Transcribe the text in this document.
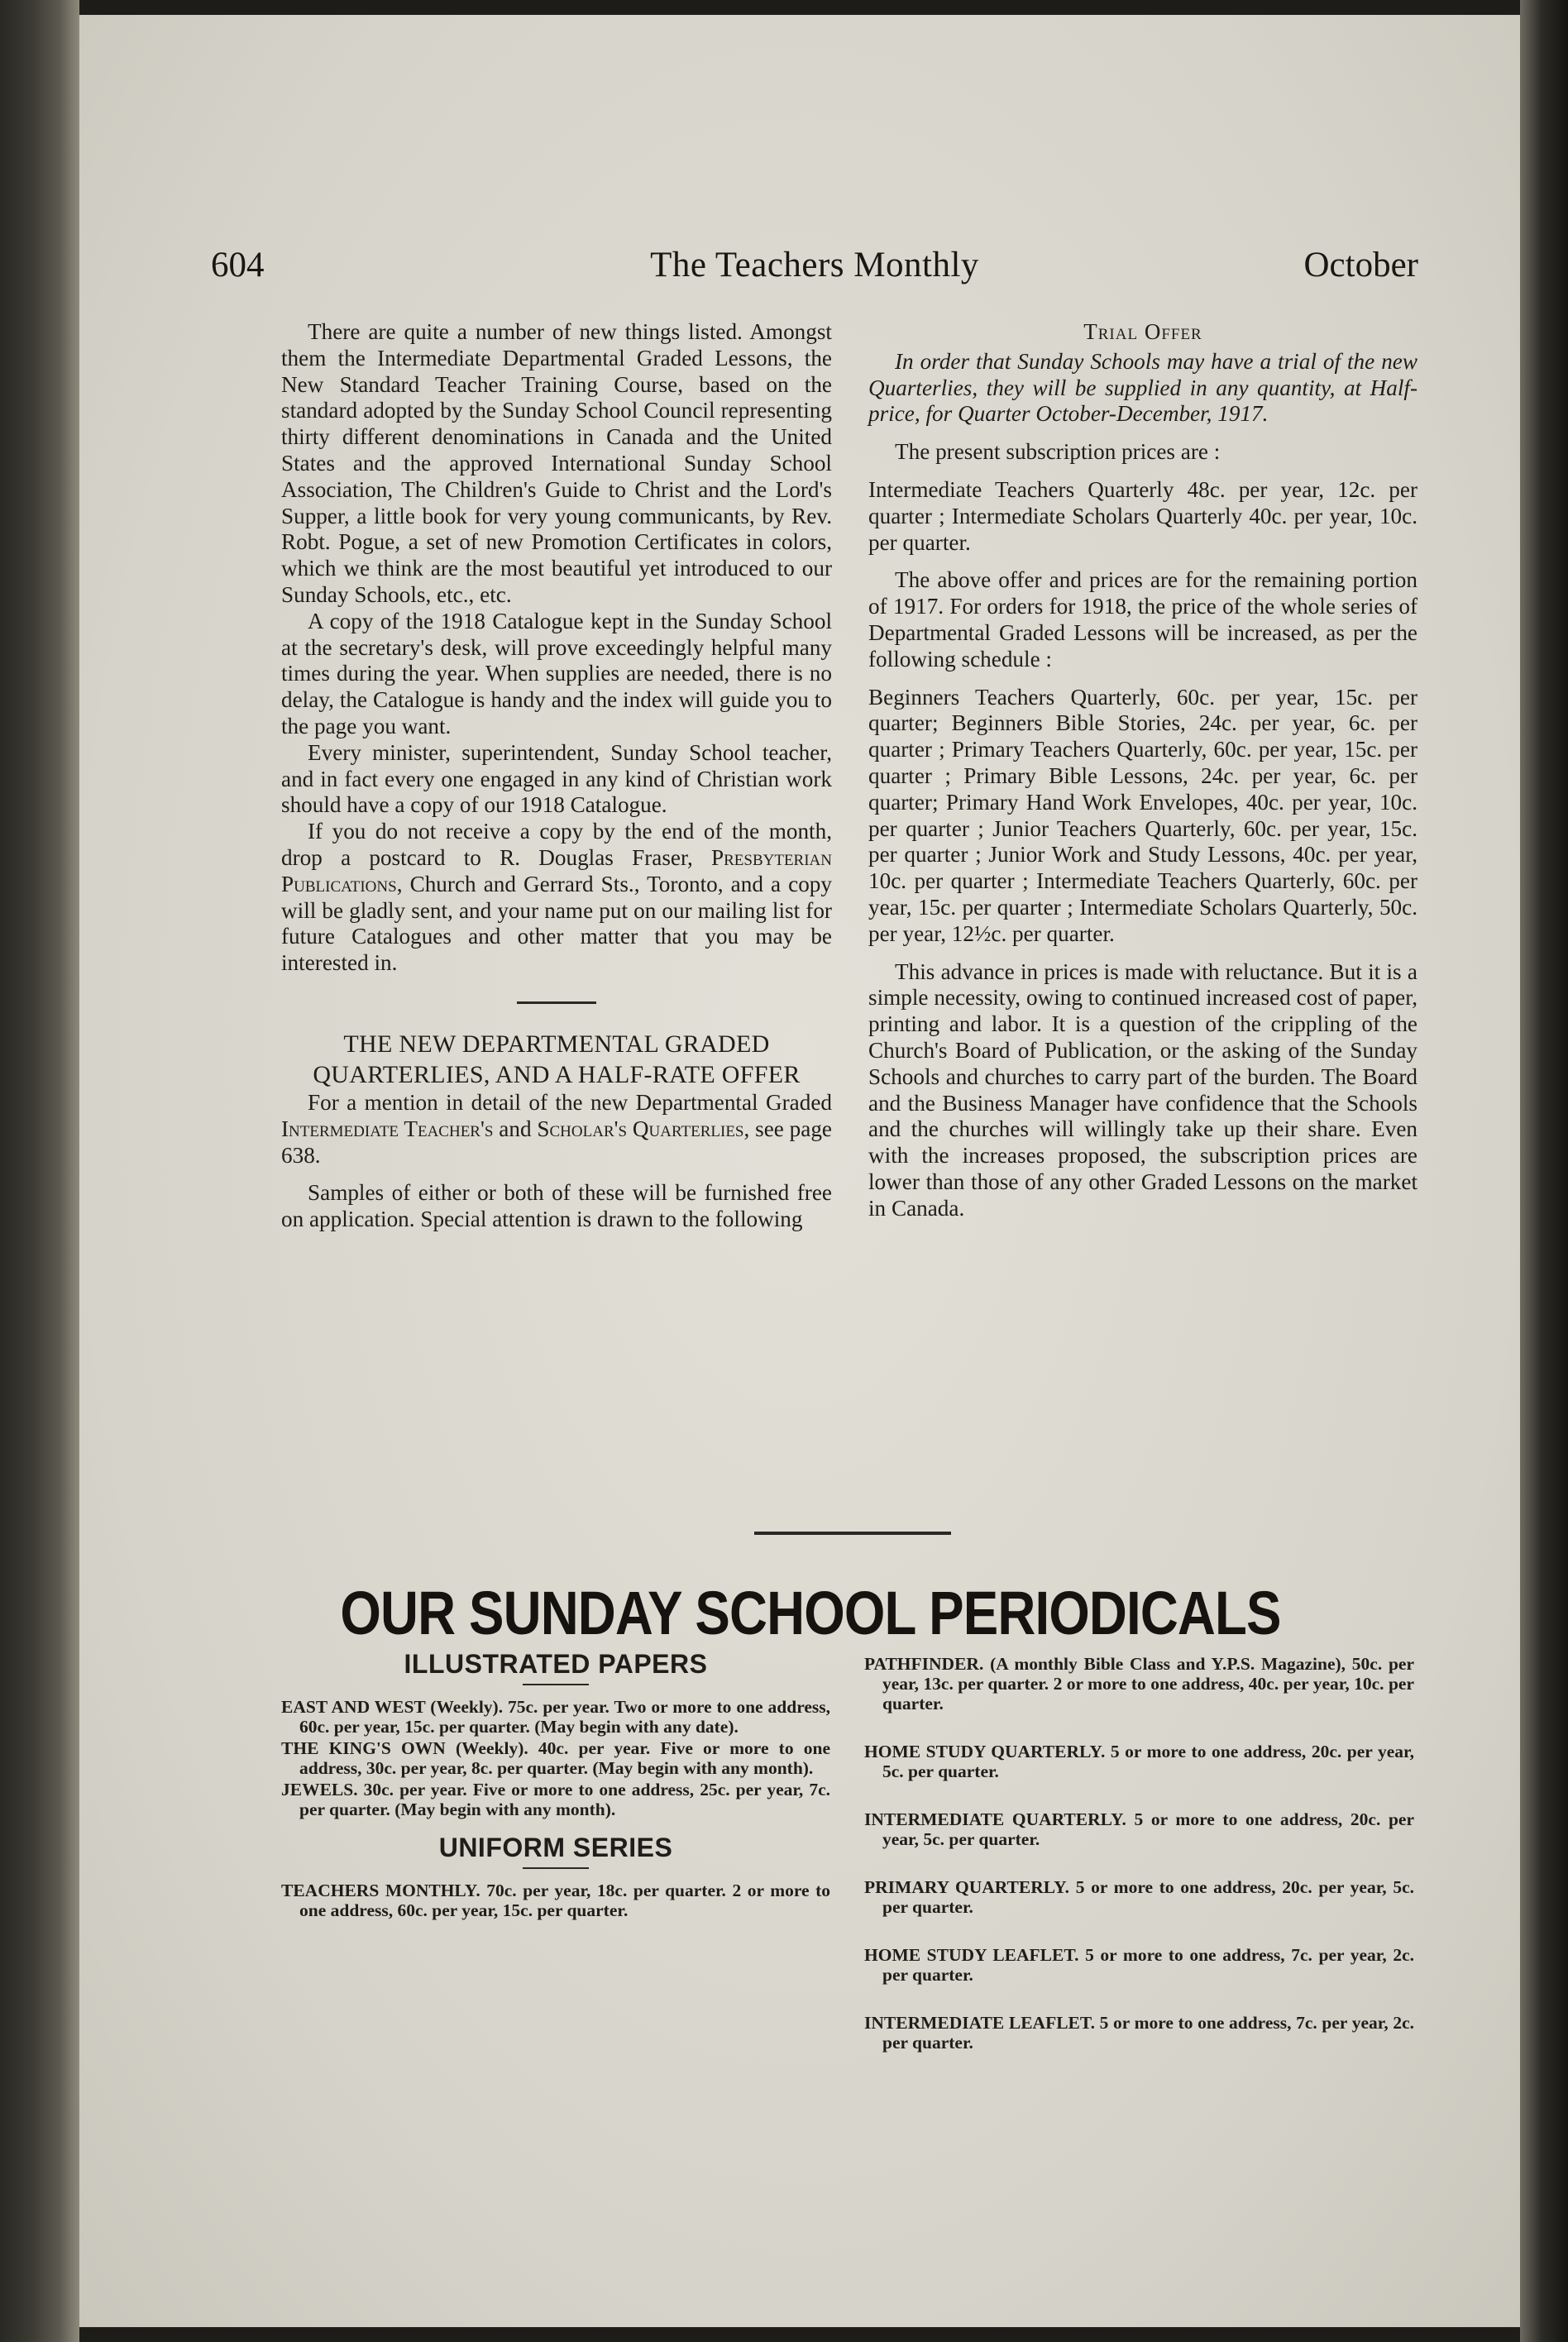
604	The Teachers Monthly	October

There are quite a number of new things listed. Amongst them the Intermediate Departmental Graded Lessons, the New Standard Teacher Training Course, based on the standard adopted by the Sunday School Council representing thirty different denominations in Canada and the United States and the approved International Sunday School Association, The Children's Guide to Christ and the Lord's Supper, a little book for very young communicants, by Rev. Robt. Pogue, a set of new Promotion Certificates in colors, which we think are the most beautiful yet introduced to our Sunday Schools, etc., etc.

A copy of the 1918 Catalogue kept in the Sunday School at the secretary's desk, will prove exceedingly helpful many times during the year. When supplies are needed, there is no delay, the Catalogue is handy and the index will guide you to the page you want.

Every minister, superintendent, Sunday School teacher, and in fact every one engaged in any kind of Christian work should have a copy of our 1918 Catalogue.

If you do not receive a copy by the end of the month, drop a postcard to R. Douglas Fraser, Presbyterian Publications, Church and Gerrard Sts., Toronto, and a copy will be gladly sent, and your name put on our mailing list for future Catalogues and other matter that you may be interested in.

THE NEW DEPARTMENTAL GRADED QUARTERLIES, AND A HALF-RATE OFFER

For a mention in detail of the new Departmental Graded Intermediate Teacher's and Scholar's Quarterlies, see page 638.

Samples of either or both of these will be furnished free on application. Special attention is drawn to the following

Trial Offer

In order that Sunday Schools may have a trial of the new Quarterlies, they will be supplied in any quantity, at Half-price, for Quarter October-December, 1917.

The present subscription prices are :

Intermediate Teachers Quarterly 48c. per year, 12c. per quarter ; Intermediate Scholars Quarterly 40c. per year, 10c. per quarter.

The above offer and prices are for the remaining portion of 1917. For orders for 1918, the price of the whole series of Departmental Graded Lessons will be increased, as per the following schedule :

Beginners Teachers Quarterly, 60c. per year, 15c. per quarter; Beginners Bible Stories, 24c. per year, 6c. per quarter ; Primary Teachers Quarterly, 60c. per year, 15c. per quarter ; Primary Bible Lessons, 24c. per year, 6c. per quarter; Primary Hand Work Envelopes, 40c. per year, 10c. per quarter ; Junior Teachers Quarterly, 60c. per year, 15c. per quarter ; Junior Work and Study Lessons, 40c. per year, 10c. per quarter ; Intermediate Teachers Quarterly, 60c. per year, 15c. per quarter ; Intermediate Scholars Quarterly, 50c. per year, 12½c. per quarter.

This advance in prices is made with reluctance. But it is a simple necessity, owing to continued increased cost of paper, printing and labor. It is a question of the crippling of the Church's Board of Publication, or the asking of the Sunday Schools and churches to carry part of the burden. The Board and the Business Manager have confidence that the Schools and the churches will willingly take up their share. Even with the increases proposed, the subscription prices are lower than those of any other Graded Lessons on the market in Canada.

OUR SUNDAY SCHOOL PERIODICALS

ILLUSTRATED PAPERS

EAST AND WEST (Weekly). 75c. per year. Two or more to one address, 60c. per year, 15c. per quarter. (May begin with any date).

THE KING'S OWN (Weekly). 40c. per year. Five or more to one address, 30c. per year, 8c. per quarter. (May begin with any month).

JEWELS. 30c. per year. Five or more to one address, 25c. per year, 7c. per quarter. (May begin with any month).

UNIFORM SERIES

TEACHERS MONTHLY. 70c. per year, 18c. per quarter. 2 or more to one address, 60c. per year, 15c. per quarter.

PATHFINDER. (A monthly Bible Class and Y.P.S. Magazine), 50c. per year, 13c. per quarter. 2 or more to one address, 40c. per year, 10c. per quarter.

HOME STUDY QUARTERLY. 5 or more to one address, 20c. per year, 5c. per quarter.

INTERMEDIATE QUARTERLY. 5 or more to one address, 20c. per year, 5c. per quarter.

PRIMARY QUARTERLY. 5 or more to one address, 20c. per year, 5c. per quarter.

HOME STUDY LEAFLET. 5 or more to one address, 7c. per year, 2c. per quarter.

INTERMEDIATE LEAFLET. 5 or more to one address, 7c. per year, 2c. per quarter.
